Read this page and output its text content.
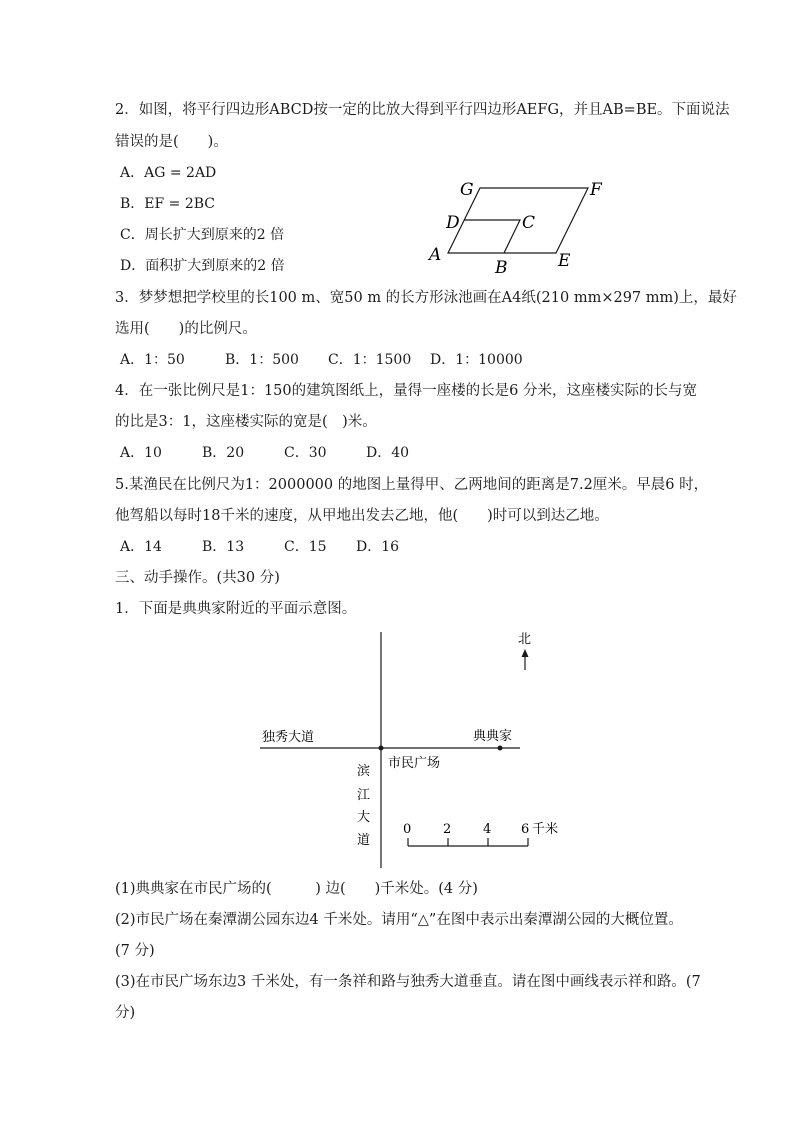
2．如图，将平行四边形ABCD按一定的比放大得到平行四边形AEFG，并且AB=BE。下面说法
错误的是(　　)。
A．AG = 2AD
B．EF = 2BC
C．周长扩大到原来的2 倍
D．面积扩大到原来的2 倍
G	F
D	C
A
B	E
3．梦梦想把学校里的长100 m、宽50 m 的长方形泳池画在A4纸(210 mm×297 mm)上，最好
选用(　　)的比例尺。
A．1：50	B．1：500 C．1：1500 D．1：10000
4．在一张比例尺是1：150的建筑图纸上，量得一座楼的长是6 分米，这座楼实际的长与宽
的比是3：1，这座楼实际的宽是(　)米。
A．10	B．20	C．30	D．40
5.某渔民在比例尺为1：2000000 的地图上量得甲、乙两地间的距离是7.2厘米。早晨6 时，
他驾船以每时18千米的速度，从甲地出发去乙地，他(　　)时可以到达乙地。
A．14	B．13	C．15 D．16
三、动手操作。(共30 分)
1．下面是典典家附近的平面示意图。
北
独秀大道	典典家
市民广场
滨
江
大
道
0 2 4 6 千米
(1)典典家在市民广场的(　　　) 边(　　)千米处。(4 分)
(2)市民广场在秦潭湖公园东边4 千米处。请用“△”在图中表示出秦潭湖公园的大概位置。
(7 分)
(3)在市民广场东边3 千米处，有一条祥和路与独秀大道垂直。请在图中画线表示祥和路。(7
分)
